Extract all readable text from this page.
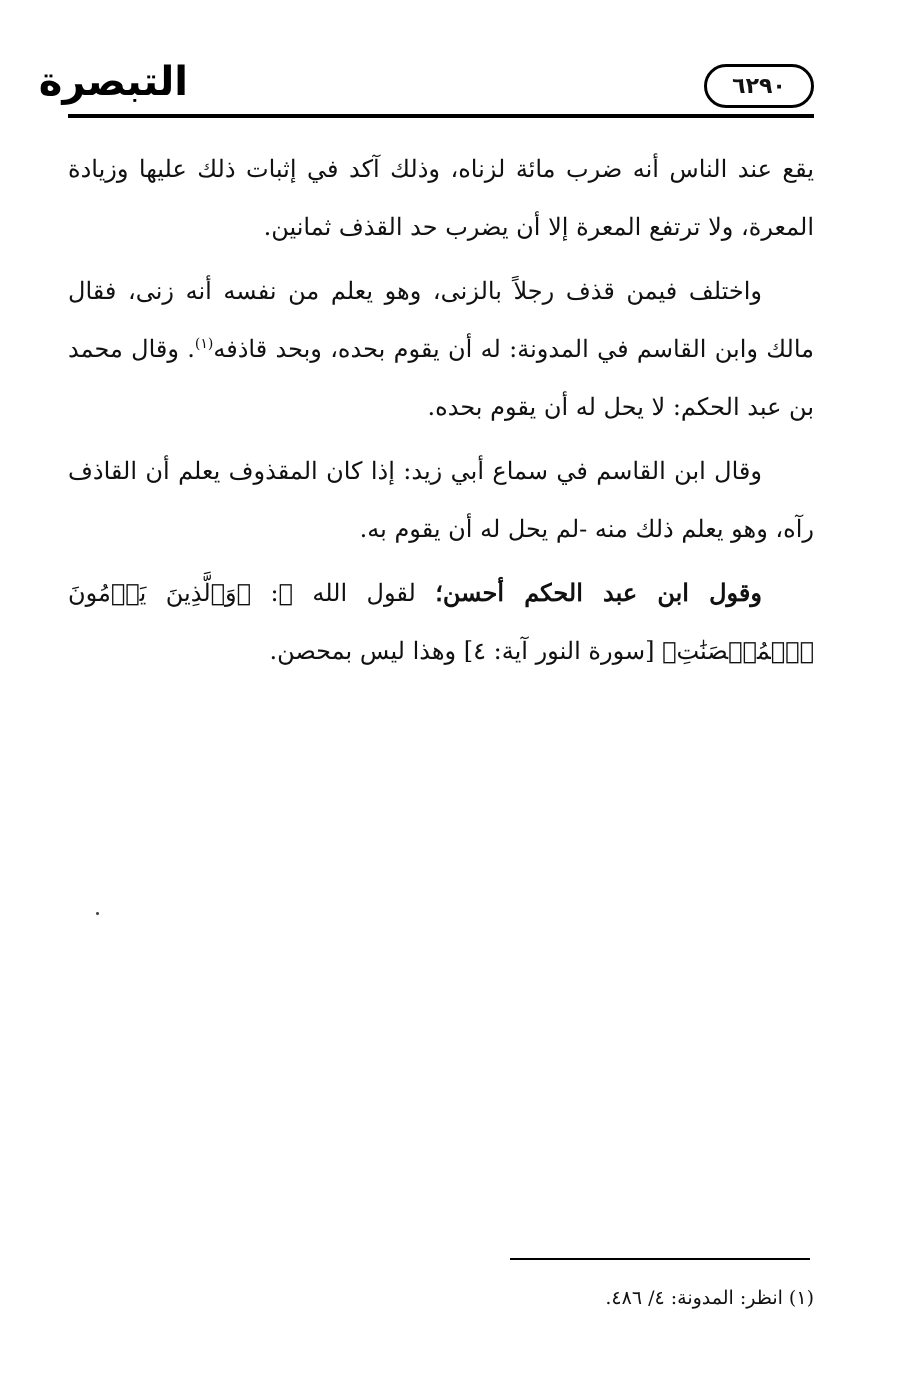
التبصرة	٦٢٩٠

يقع عند الناس أنه ضرب مائة لزناه، وذلك آكد في إثبات ذلك عليها وزيادة المعرة، ولا ترتفع المعرة إلا أن يضرب حد القذف ثمانين.

واختلف فيمن قذف رجلاً بالزنى، وهو يعلم من نفسه أنه زنى، فقال مالك وابن القاسم في المدونة: له أن يقوم بحده، وبحد قاذفه$^{(١)}$. وقال محمد بن عبد الحكم: لا يحل له أن يقوم بحده.

وقال ابن القاسم في سماع أبي زيد: إذا كان المقذوف يعلم أن القاذف رآه، وهو يعلم ذلك منه -لم يحل له أن يقوم به.

وقول ابن عبد الحكم أحسن؛ لقول الله ﷻ: ﴿وَٱلَّذِينَ يَرۡمُونَ ٱلۡمُحۡصَنَٰتِ﴾ [سورة النور آية: ٤] وهذا ليس بمحصن.

(١) انظر: المدونة: ٤/ ٤٨٦.
